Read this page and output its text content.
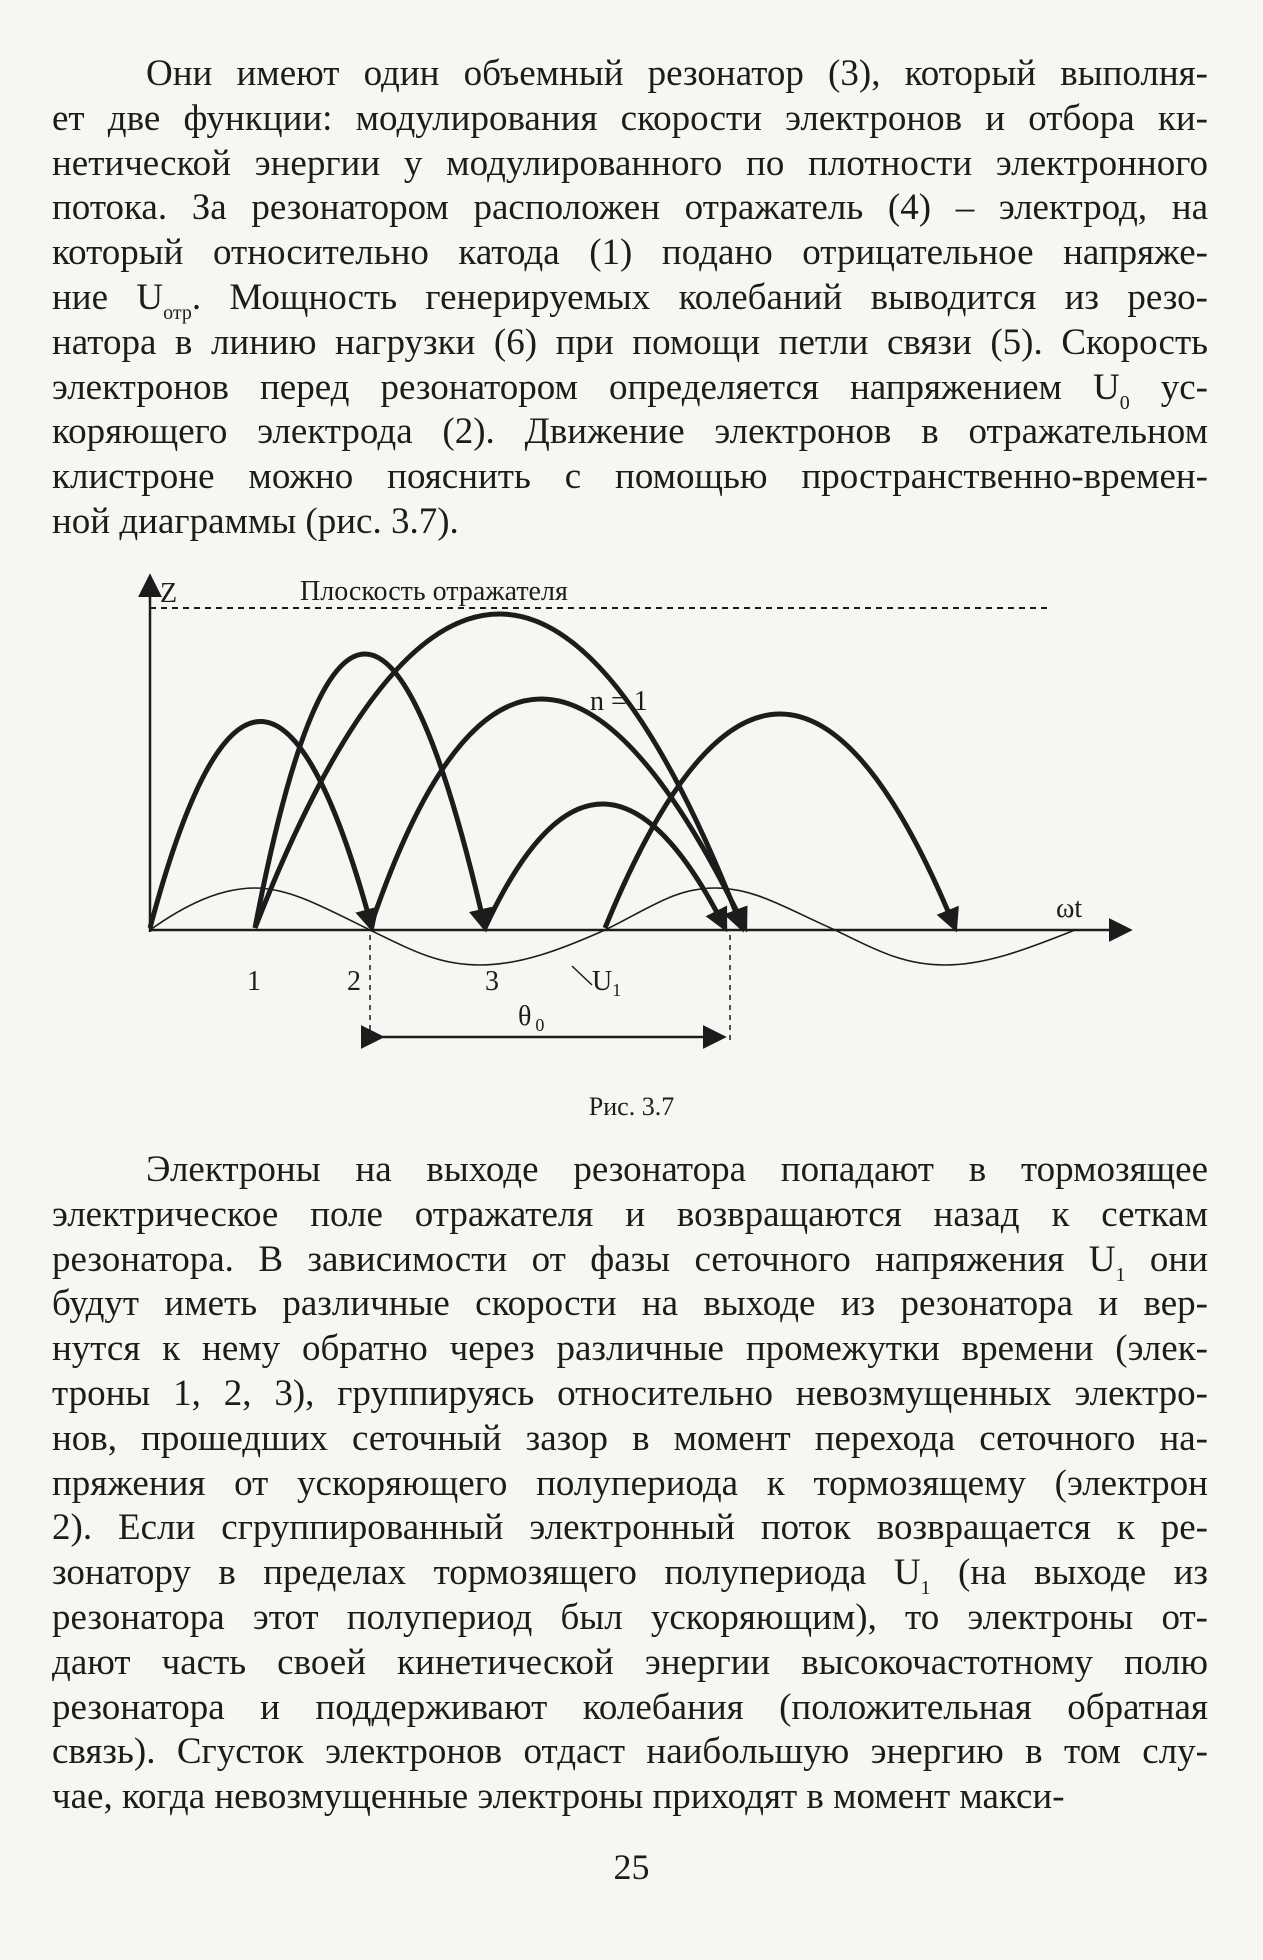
Они имеют один объемный резонатор (3), который выполня-
ет две функции: модулирования скорости электронов и отбора ки-
нетической энергии у модулированного по плотности электронного
потока. За резонатором расположен отражатель (4) – электрод, на
который относительно катода (1) подано отрицательное напряже-
ние $U_{отр}$. Мощность генерируемых колебаний выводится из резо-
натора в линию нагрузки (6) при помощи петли связи (5). Скорость
электронов перед резонатором определяется напряжением $U_0$ ус-
коряющего электрода (2). Движение электронов в отражательном
клистроне можно пояснить с помощью пространственно-времен-
ной диаграммы (рис. 3.7).
Z	Плоскость отражателя
n = 1
ωt
1	2	3	$U_1$
θ $_0$
Рис. 3.7
Электроны на выходе резонатора попадают в тормозящее
электрическое поле отражателя и возвращаются назад к сеткам
резонатора. В зависимости от фазы сеточного напряжения $U_1$ они
будут иметь различные скорости на выходе из резонатора и вер-
нутся к нему обратно через различные промежутки времени (элек-
троны 1, 2, 3), группируясь относительно невозмущенных электро-
нов, прошедших сеточный зазор в момент перехода сеточного на-
пряжения от ускоряющего полупериода к тормозящему (электрон
2). Если сгруппированный электронный поток возвращается к ре-
зонатору в пределах тормозящего полупериода $U_1$ (на выходе из
резонатора этот полупериод был ускоряющим), то электроны от-
дают часть своей кинетической энергии высокочастотному полю
резонатора и поддерживают колебания (положительная обратная
связь). Сгусток электронов отдаст наибольшую энергию в том слу-
чае, когда невозмущенные электроны приходят в момент макси-
25
